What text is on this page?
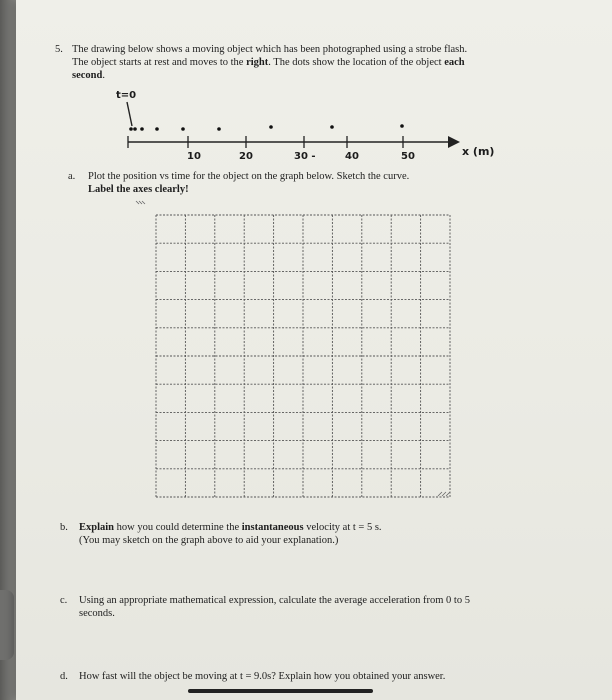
5. The drawing below shows a moving object which has been photographed using a strobe flash.
The object starts at rest and moves to the right. The dots show the location of the object each
second.
t=0
10	20	30 -	40	50	x (m)
a. Plot the position vs time for the object on the graph below. Sketch the curve.
Label the axes clearly!
b. Explain how you could determine the instantaneous velocity at t = 5 s.
(You may sketch on the graph above to aid your explanation.)
c. Using an appropriate mathematical expression, calculate the average acceleration from 0 to 5
seconds.
d. How fast will the object be moving at t = 9.0s? Explain how you obtained your answer.
